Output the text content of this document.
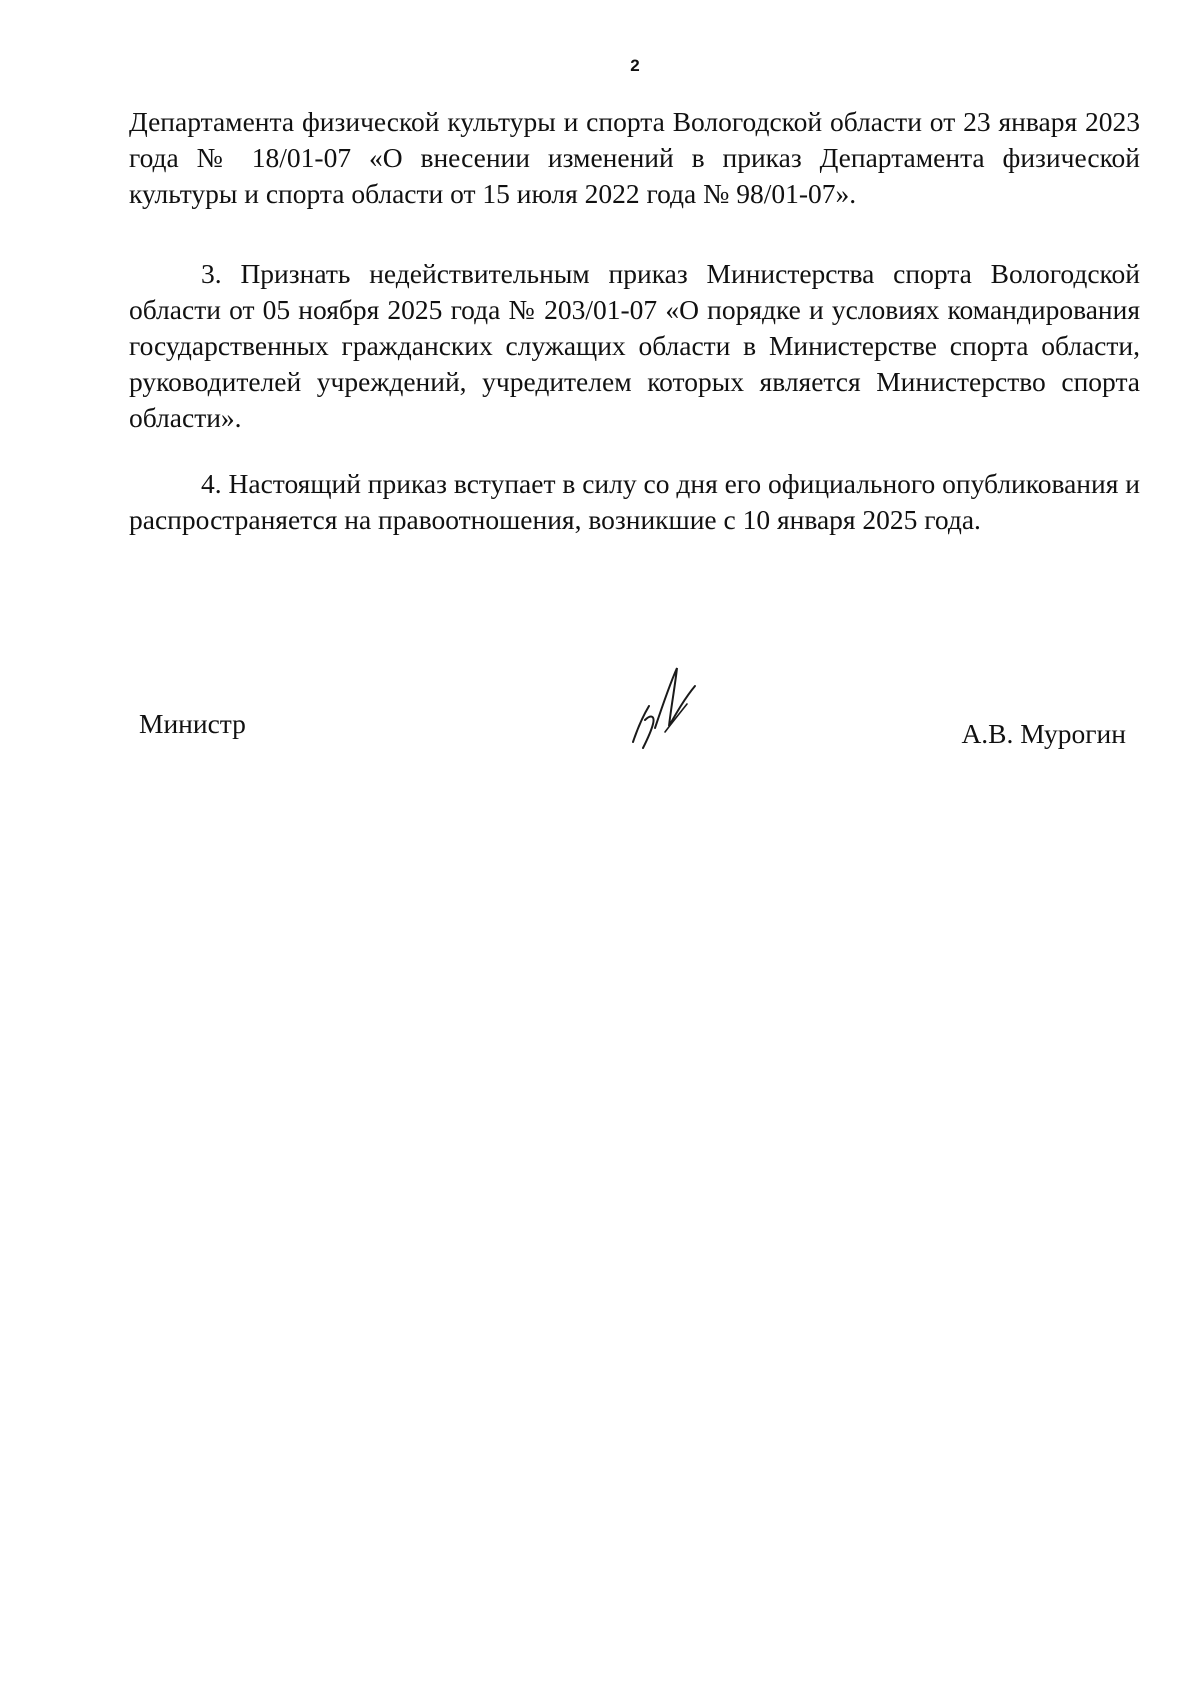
2

Департамента физической культуры и спорта Вологодской области от 23 января 2023 года № 18/01-07 «О внесении изменений в приказ Департамента физической культуры и спорта области от 15 июля 2022 года № 98/01-07».

3. Признать недействительным приказ Министерства спорта Вологодской области от 05 ноября 2025 года № 203/01-07 «О порядке и условиях командирования государственных гражданских служащих области в Министерстве спорта области, руководителей учреждений, учредителем которых является Министерство спорта области».

4. Настоящий приказ вступает в силу со дня его официального опубликования и распространяется на правоотношения, возникшие с 10 января 2025 года.

Министр	А.В. Мурогин
